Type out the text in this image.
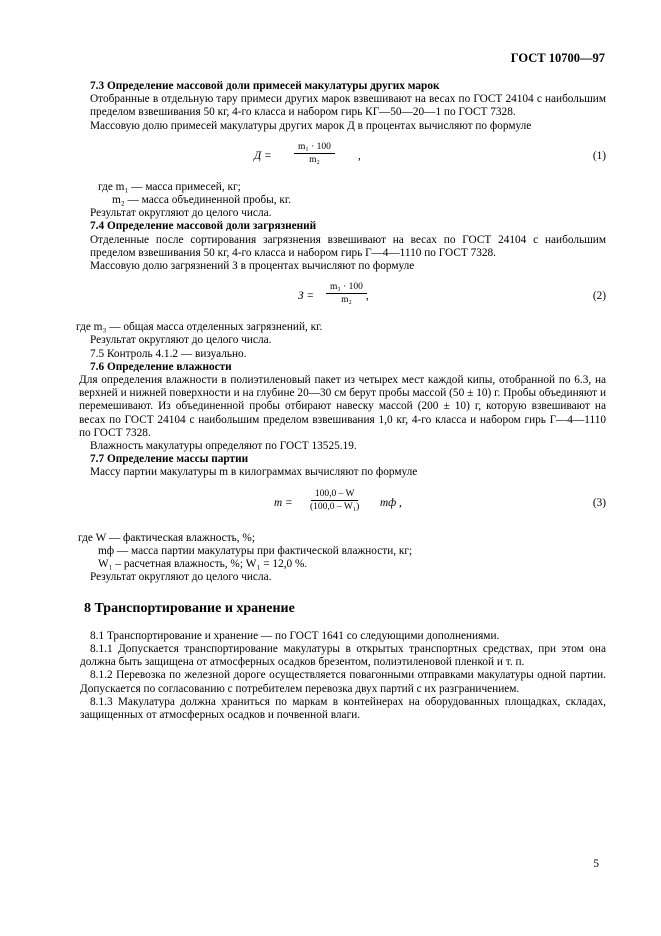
ГОСТ 10700—97

7.3 Определение массовой доли примесей макулатуры других марок

Отобранные в отдельную тару примеси других марок взвешивают на весах по ГОСТ 24104 с наибольшим пределом взвешивания 50 кг, 4-го класса и набором гирь КГ—50—20—1 по ГОСТ 7328.

Массовую долю примесей макулатуры других марок Д в процентах вычисляют по формуле

$Д = \frac{\text{m₁ · 100}}{\text{m₂}}$ ,	(1)

где m₁ — масса примесей, кг;

m₂ — масса объединенной пробы, кг.

Результат округляют до целого числа.

7.4 Определение массовой доли загрязнений

Отделенные после сортирования загрязнения взвешивают на весах по ГОСТ 24104 с наибольшим пределом взвешивания 50 кг, 4-го класса и набором гирь Г—4—1110 по ГОСТ 7328.

Массовую долю загрязнений З в процентах вычисляют по формуле

$З = \frac{\text{m₃ · 100}}{\text{m₂}}$ ,	(2)

где m₃ — общая масса отделенных загрязнений, кг.

Результат округляют до целого числа.

7.5 Контроль 4.1.2 — визуально.

7.6 Определение влажности

Для определения влажности в полиэтиленовый пакет из четырех мест каждой кипы, отобранной по 6.3, на верхней и нижней поверхности и на глубине 20—30 см берут пробы массой (50 ± 10) г. Пробы объединяют и перемешивают. Из объединенной пробы отбирают навеску массой (200 ± 10) г, которую взвешивают на весах по ГОСТ 24104 с наибольшим пределом взвешивания 1,0 кг, 4-го класса и набором гирь Г—4—1110 по ГОСТ 7328.

Влажность макулатуры определяют по ГОСТ 13525.19.

7.7 Определение массы партии

Массу партии макулатуры m в килограммах вычисляют по формуле

$m = \frac{100,0 - W}{\text{(100,0 – W₁)}}$ mф ,	(3)

где W — фактическая влажность, %;

mф — масса партии макулатуры при фактической влажности, кг;

W₁ – расчетная влажность, %; W₁ = 12,0 %.

Результат округляют до целого числа.

8 Транспортирование и хранение

8.1 Транспортирование и хранение — по ГОСТ 1641 со следующими дополнениями.

8.1.1 Допускается транспортирование макулатуры в открытых транспортных средствах, при этом она должна быть защищена от атмосферных осадков брезентом, полиэтиленовой пленкой и т. п.

8.1.2 Перевозка по железной дороге осуществляется повагонными отправками макулатуры одной партии. Допускается по согласованию с потребителем перевозка двух партий с их разграничением.

8.1.3 Макулатура должна храниться по маркам в контейнерах на оборудованных площадках, складах, защищенных от атмосферных осадков и почвенной влаги.

5
